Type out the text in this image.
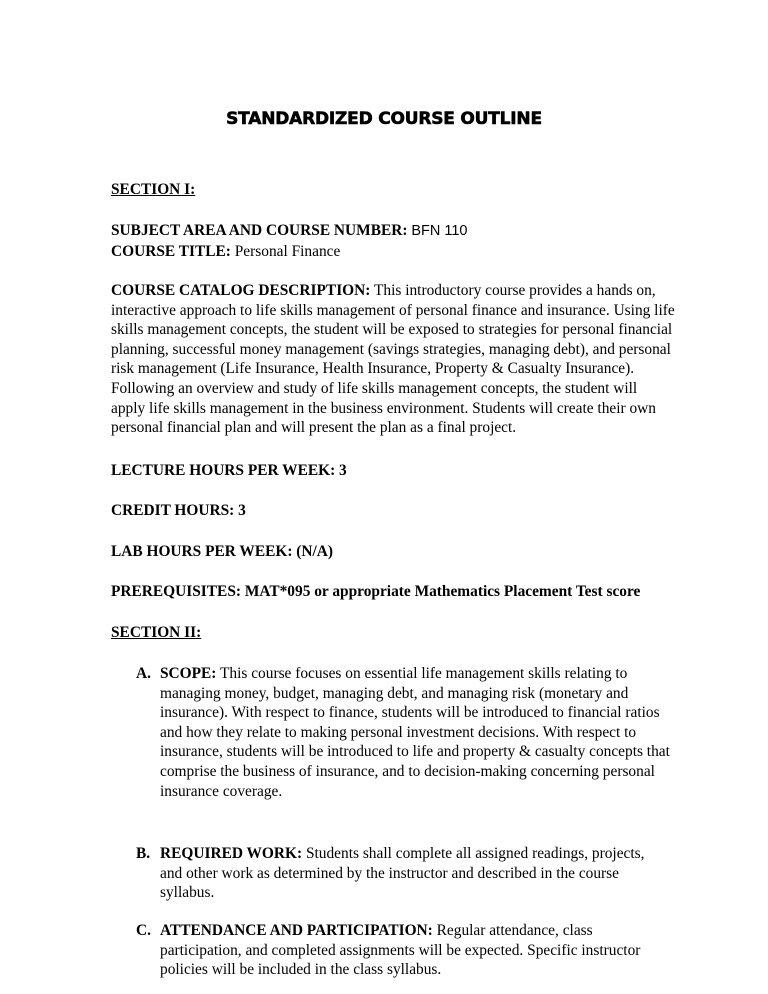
STANDARDIZED COURSE OUTLINE
SECTION I:
SUBJECT AREA AND COURSE NUMBER: BFN 110
COURSE TITLE: Personal Finance

COURSE CATALOG DESCRIPTION: This introductory course provides a hands on, interactive approach to life skills management of personal finance and insurance. Using life skills management concepts, the student will be exposed to strategies for personal financial planning, successful money management (savings strategies, managing debt), and personal risk management (Life Insurance, Health Insurance, Property & Casualty Insurance). Following an overview and study of life skills management concepts, the student will apply life skills management in the business environment. Students will create their own personal financial plan and will present the plan as a final project.

LECTURE HOURS PER WEEK: 3
CREDIT HOURS: 3
LAB HOURS PER WEEK: (N/A)
PREREQUISITES: MAT*095 or appropriate Mathematics Placement Test score
SECTION II:
A. SCOPE: This course focuses on essential life management skills relating to managing money, budget, managing debt, and managing risk (monetary and insurance). With respect to finance, students will be introduced to financial ratios and how they relate to making personal investment decisions. With respect to insurance, students will be introduced to life and property & casualty concepts that comprise the business of insurance, and to decision-making concerning personal insurance coverage.
B. REQUIRED WORK: Students shall complete all assigned readings, projects, and other work as determined by the instructor and described in the course syllabus.
C. ATTENDANCE AND PARTICIPATION: Regular attendance, class participation, and completed assignments will be expected. Specific instructor policies will be included in the class syllabus.
